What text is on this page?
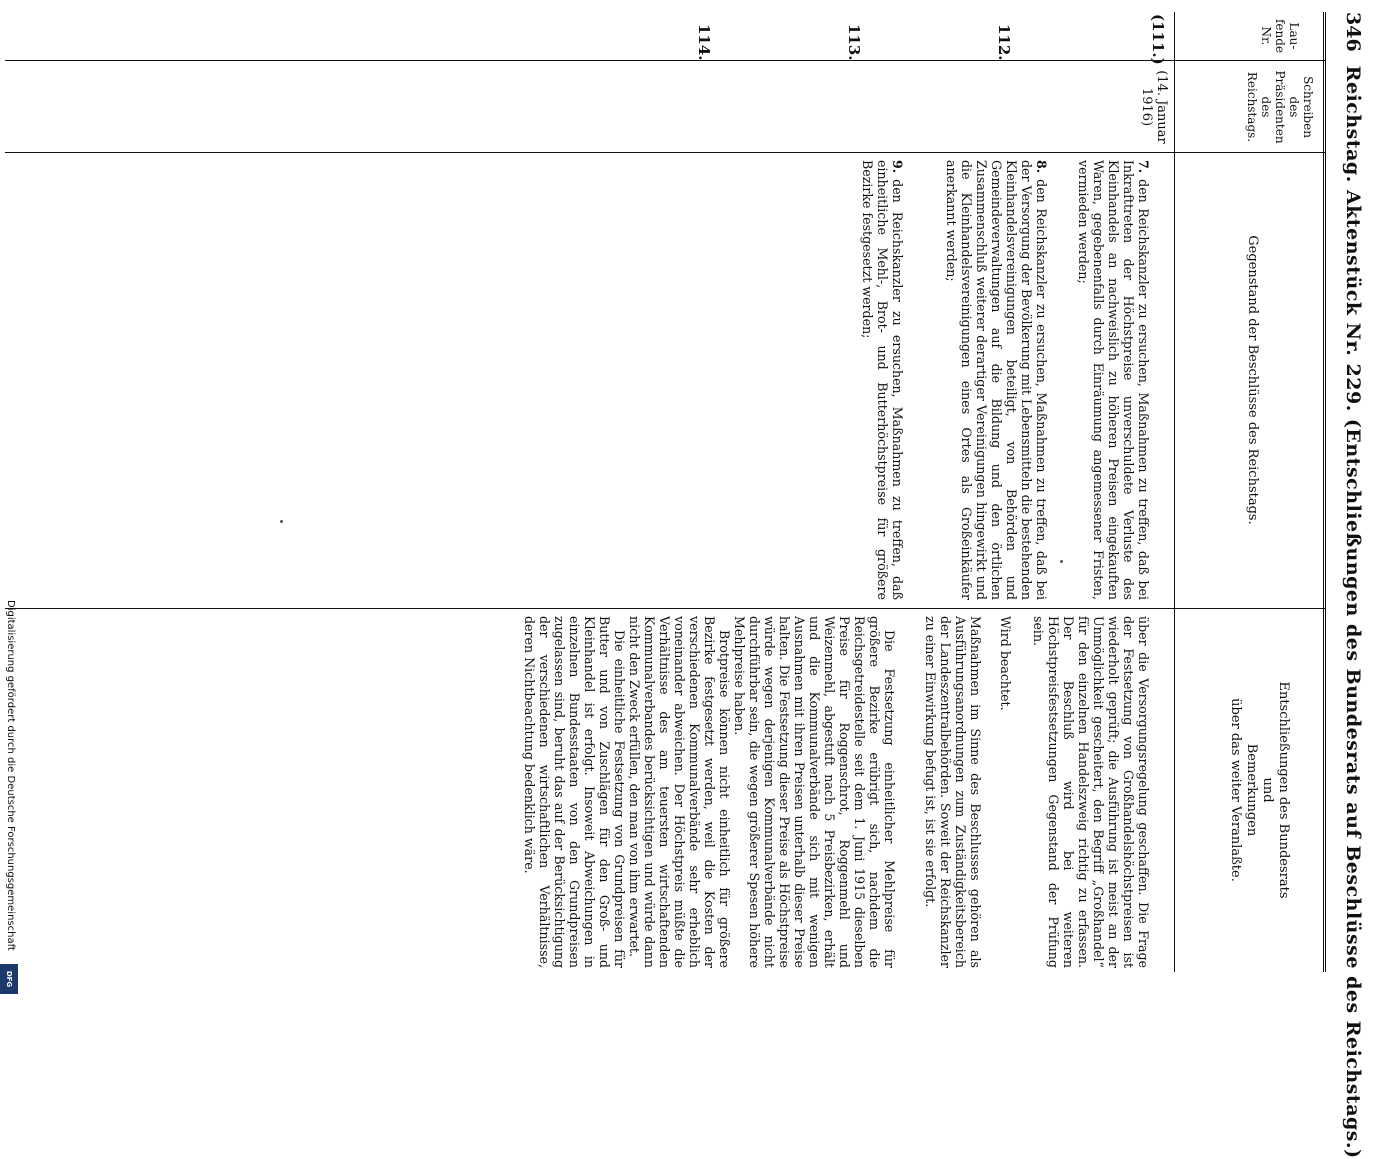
346
Reichstag. Aktenstück Nr. 229. (Entschließungen des Bundesrats auf Beschlüsse des Reichstags.)
Lau-
fende
Nr.
Schreiben
des
Präsidenten
des
Reichstags.
Gegenstand der Beschlüsse des Reichstags.
Entschließungen des Bundesrats
und
Bemerkungen
über das weiter Veranlaßte.
(111.)
(14. Januar 1916)
112.
113.
114.
7.den Reichskanzler zu ersuchen, Maßnahmen zu treffen, daß bei Inkrafttreten der Höchstpreise unverschuldete Verluste des Kleinhandels an nachweislich zu höheren Preisen eingekauften Waren, gegebenenfalls durch Einräumung angemessener Fristen, vermieden werden;
8.den Reichskanzler zu ersuchen, Maßnahmen zu treffen, daß bei der Versorgung der Bevölkerung mit Lebensmitteln die bestehenden Kleinhandelsvereinigungen beteiligt, von Behörden und Gemeindeverwaltungen auf die Bildung und den örtlichen Zusammenschluß weiterer derartiger Vereinigungen hingewirkt und die Kleinhandelsvereinigungen eines Ortes als Großeinkäufer anerkannt werden;
9.den Reichskanzler zu ersuchen, Maßnahmen zu treffen, daß einheitliche Mehl-, Brot- und Butterhöchstpreise für größere Bezirke festgesetzt werden;
über die Versorgungsregelung geschaffen. Die Frage der Festsetzung von Großhandelshöchstpreisen ist wiederholt geprüft; die Ausführung ist meist an der Unmöglichkeit gescheitert, den Begriff „Großhandel“ für den einzelnen Handelszweig richtig zu erfassen. Der Beschluß wird bei weiteren Höchstpreisfestsetzungen Gegenstand der Prüfung sein.
Wird beachtet.
Maßnahmen im Sinne des Beschlusses gehören als Ausführungsanordnungen zum Zuständigkeitsbereich der Landeszentralbehörden. Soweit der Reichskanzler zu einer Einwirkung befugt ist, ist sie erfolgt.

Die Festsetzung einheitlicher Mehlpreise für größere Bezirke erübrigt sich, nachdem die Reichsgetreidestelle seit dem 1. Juni 1915 dieselben Preise für Roggenschrot, Roggenmehl und Weizenmehl, abgestuft nach 5 Preisbezirken, erhält und die Kommunalverbände sich mit wenigen Ausnahmen mit ihren Preisen unterhalb dieser Preise halten. Die Festsetzung dieser Preise als Höchstpreise würde wegen derjenigen Kommunalverbände nicht durchführbar sein, die wegen größerer Spesen höhere Mehlpreise haben.

Brotpreise können nicht einheitlich für größere Bezirke festgesetzt werden, weil die Kosten der verschiedenen Kommunalverbände sehr erheblich voneinander abweichen. Der Höchstpreis müßte die Verhältnisse des am teuersten wirtschaftenden Kommunalverbandes berücksichtigen und würde dann nicht den Zweck erfüllen, den man von ihm erwartet.

Die einheitliche Festsetzung von Grundpreisen für Butter und von Zuschlägen für den Groß- und Kleinhandel ist erfolgt. Insoweit Abweichungen in einzelnen Bundesstaaten von den Grundpreisen zugelassen sind, beruht das auf der Berücksichtigung der verschiedenen wirtschaftlichen Verhältnisse, deren Nichtbeachtung bedenklich wäre.

Digitalisierung gefördert durch die Deutsche Forschungsgemeinschaft
DFG
